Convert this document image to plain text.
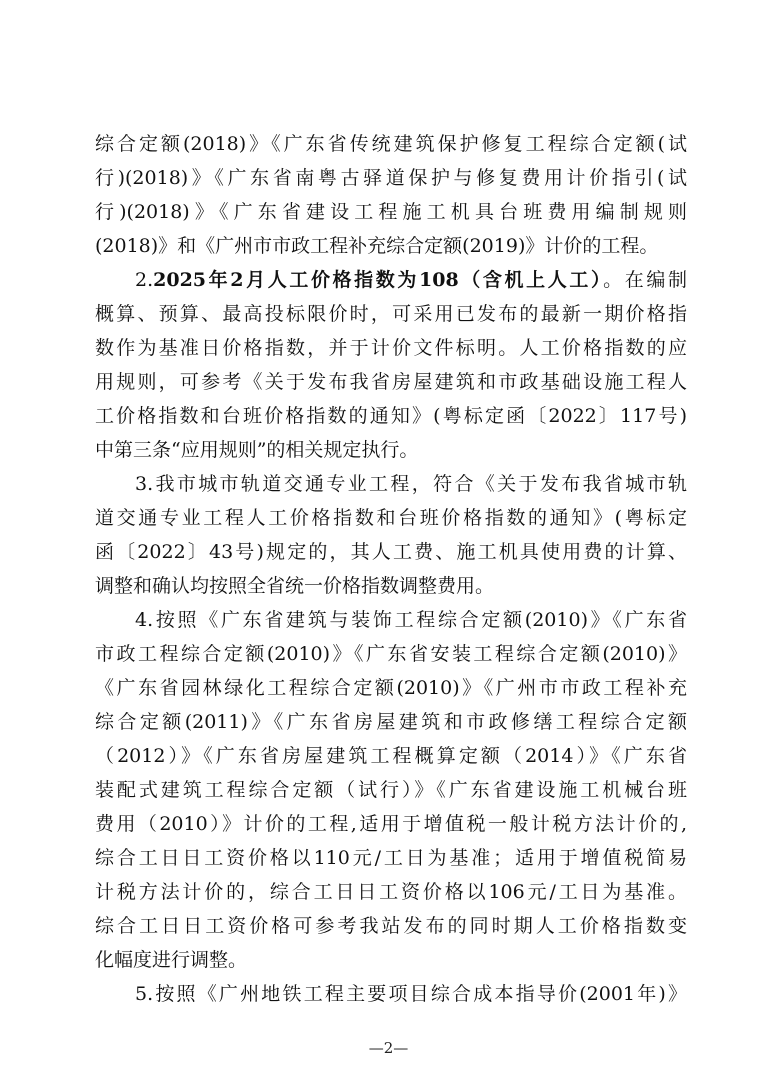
综合定额(2018)》《广东省传统建筑保护修复工程综合定额(试
行)(2018)》《广东省南粤古驿道保护与修复费用计价指引(试
行)(2018)》《广东省建设工程施工机具台班费用编制规则
(2018)》和《广州市市政工程补充综合定额(2019)》计价的工程。
2.2025年2月人工价格指数为108（含机上人工）。在编制
概算、预算、最高投标限价时，可采用已发布的最新一期价格指
数作为基准日价格指数，并于计价文件标明。人工价格指数的应
用规则，可参考《关于发布我省房屋建筑和市政基础设施工程人
工价格指数和台班价格指数的通知》(粤标定函〔2022〕117号)
中第三条“应用规则”的相关规定执行。
3.我市城市轨道交通专业工程，符合《关于发布我省城市轨
道交通专业工程人工价格指数和台班价格指数的通知》(粤标定
函〔2022〕43号)规定的，其人工费、施工机具使用费的计算、
调整和确认均按照全省统一价格指数调整费用。
4.按照《广东省建筑与装饰工程综合定额(2010)》《广东省
市政工程综合定额(2010)》《广东省安装工程综合定额(2010)》
《广东省园林绿化工程综合定额(2010)》《广州市市政工程补充
综合定额(2011)》《广东省房屋建筑和市政修缮工程综合定额
（2012）》《广东省房屋建筑工程概算定额（2014）》《广东省
装配式建筑工程综合定额（试行）》《广东省建设施工机械台班
费用（2010）》计价的工程,适用于增值税一般计税方法计价的,
综合工日日工资价格以110元/工日为基准；适用于增值税简易
计税方法计价的，综合工日日工资价格以106元/工日为基准。
综合工日日工资价格可参考我站发布的同时期人工价格指数变
化幅度进行调整。
5.按照《广州地铁工程主要项目综合成本指导价(2001年)》
—2—
